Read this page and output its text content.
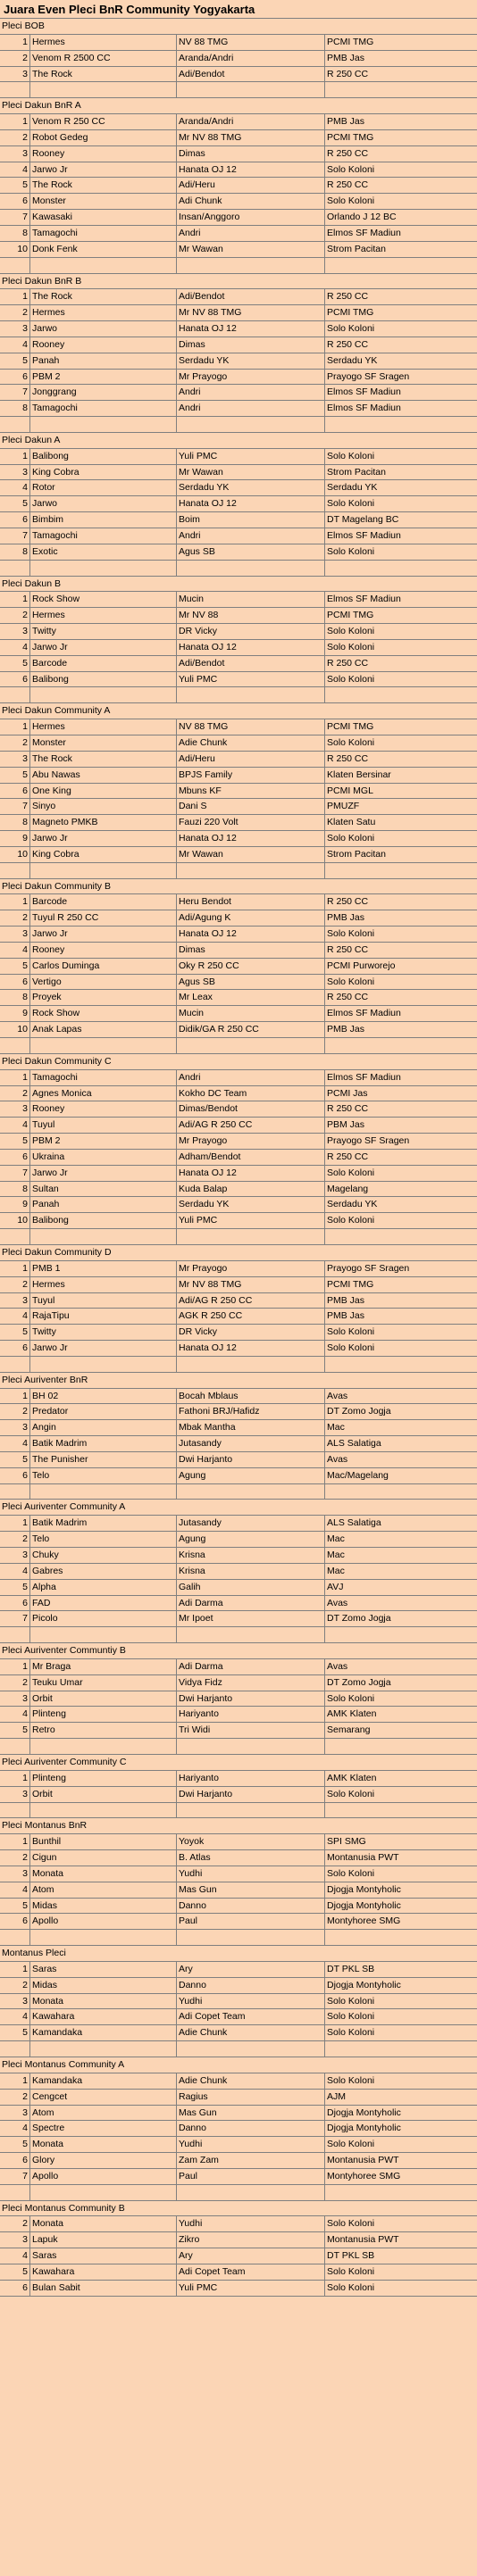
Juara Even Pleci BnR Community Yogyakarta
Pleci BOB
1 Hermes	NV 88 TMG	PCMI TMG
2 Venom R 2500 CC	Aranda/Andri	PMB Jas
3 The Rock	Adi/Bendot	R 250 CC
Pleci Dakun BnR A
1 Venom R 250 CC	Aranda/Andri	PMB Jas
2 Robot Gedeg	Mr NV 88 TMG	PCMI TMG
3 Rooney	Dimas	R 250 CC
4 Jarwo Jr	Hanata OJ 12	Solo Koloni
5 The Rock	Adi/Heru	R 250 CC
6 Monster	Adi Chunk	Solo Koloni
7 Kawasaki	Insan/Anggoro	Orlando J 12 BC
8 Tamagochi	Andri	Elmos SF Madiun
10 Donk Fenk	Mr Wawan	Strom Pacitan
Pleci Dakun BnR B
1 The Rock	Adi/Bendot	R 250 CC
2 Hermes	Mr NV 88 TMG	PCMI TMG
3 Jarwo	Hanata OJ 12	Solo Koloni
4 Rooney	Dimas	R 250 CC
5 Panah	Serdadu YK	Serdadu YK
6 PBM 2	Mr Prayogo	Prayogo SF Sragen
7 Jonggrang	Andri	Elmos SF Madiun
8 Tamagochi	Andri	Elmos SF Madiun
Pleci Dakun A
1 Balibong	Yuli PMC	Solo Koloni
3 King Cobra	Mr Wawan	Strom Pacitan
4 Rotor	Serdadu YK	Serdadu YK
5 Jarwo	Hanata OJ 12	Solo Koloni
6 Bimbim	Boim	DT Magelang BC
7 Tamagochi	Andri	Elmos SF Madiun
8 Exotic	Agus SB	Solo Koloni
Pleci Dakun B
1 Rock Show	Mucin	Elmos SF Madiun
2 Hermes	Mr NV 88	PCMI TMG
3 Twitty	DR Vicky	Solo Koloni
4 Jarwo Jr	Hanata OJ 12	Solo Koloni
5 Barcode	Adi/Bendot	R 250 CC
6 Balibong	Yuli PMC	Solo Koloni
Pleci Dakun Community A
1 Hermes	NV 88 TMG	PCMI TMG
2 Monster	Adie Chunk	Solo Koloni
3 The Rock	Adi/Heru	R 250 CC
5 Abu Nawas	BPJS Family	Klaten Bersinar
6 One King	Mbuns KF	PCMI MGL
7 Sinyo	Dani S	PMUZF
8 Magneto PMKB	Fauzi 220 Volt	Klaten Satu
9 Jarwo Jr	Hanata OJ 12	Solo Koloni
10 King Cobra	Mr Wawan	Strom Pacitan
Pleci Dakun Community B
1 Barcode	Heru Bendot	R 250 CC
2 Tuyul R 250 CC	Adi/Agung K	PMB Jas
3 Jarwo Jr	Hanata OJ 12	Solo Koloni
4 Rooney	Dimas	R 250 CC
5 Carlos Duminga	Oky R 250 CC	PCMI Purworejo
6 Vertigo	Agus SB	Solo Koloni
8 Proyek	Mr Leax	R 250 CC
9 Rock Show	Mucin	Elmos SF Madiun
10 Anak Lapas	Didik/GA R 250 CC	PMB Jas
Pleci Dakun Community C
1 Tamagochi	Andri	Elmos SF Madiun
2 Agnes Monica	Kokho DC Team	PCMI Jas
3 Rooney	Dimas/Bendot	R 250 CC
4 Tuyul	Adi/AG R 250 CC	PBM Jas
5 PBM 2	Mr Prayogo	Prayogo SF Sragen
6 Ukraina	Adham/Bendot	R 250 CC
7 Jarwo Jr	Hanata OJ 12	Solo Koloni
8 Sultan	Kuda Balap	Magelang
9 Panah	Serdadu YK	Serdadu YK
10 Balibong	Yuli PMC	Solo Koloni
Pleci Dakun Community D
1 PMB 1	Mr Prayogo	Prayogo SF Sragen
2 Hermes	Mr NV 88 TMG	PCMI TMG
3 Tuyul	Adi/AG R 250 CC	PMB Jas
4 RajaTipu	AGK R 250 CC	PMB Jas
5 Twitty	DR Vicky	Solo Koloni
6 Jarwo Jr	Hanata OJ 12	Solo Koloni
Pleci Auriventer BnR
1 BH 02	Bocah Mblaus	Avas
2 Predator	Fathoni BRJ/Hafidz	DT Zomo Jogja
3 Angin	Mbak Mantha	Mac
4 Batik Madrim	Jutasandy	ALS Salatiga
5 The Punisher	Dwi Harjanto	Avas
6 Telo	Agung	Mac/Magelang
Pleci Auriventer Community A
1 Batik Madrim	Jutasandy	ALS Salatiga
2 Telo	Agung	Mac
3 Chuky	Krisna	Mac
4 Gabres	Krisna	Mac
5 Alpha	Galih	AVJ
6 FAD	Adi Darma	Avas
7 Picolo	Mr Ipoet	DT Zomo Jogja
Pleci Auriventer Communtiy B
1 Mr Braga	Adi Darma	Avas
2 Teuku Umar	Vidya Fidz	DT Zomo Jogja
3 Orbit	Dwi Harjanto	Solo Koloni
4 Plinteng	Hariyanto	AMK Klaten
5 Retro	Tri Widi	Semarang
Pleci Auriventer Community C
1 Plinteng	Hariyanto	AMK Klaten
3 Orbit	Dwi Harjanto	Solo Koloni
Pleci Montanus BnR
1 Bunthil	Yoyok	SPI SMG
2 Cigun	B. Atlas	Montanusia PWT
3 Monata	Yudhi	Solo Koloni
4 Atom	Mas Gun	Djogja Montyholic
5 Midas	Danno	Djogja Montyholic
6 Apollo	Paul	Montyhoree SMG
Montanus Pleci
1 Saras	Ary	DT PKL SB
2 Midas	Danno	Djogja Montyholic
3 Monata	Yudhi	Solo Koloni
4 Kawahara	Adi Copet Team	Solo Koloni
5 Kamandaka	Adie Chunk	Solo Koloni
Pleci Montanus Community A
1 Kamandaka	Adie Chunk	Solo Koloni
2 Cengcet	Ragius	AJM
3 Atom	Mas Gun	Djogja Montyholic
4 Spectre	Danno	Djogja Montyholic
5 Monata	Yudhi	Solo Koloni
6 Glory	Zam Zam	Montanusia PWT
7 Apollo	Paul	Montyhoree SMG
Pleci Montanus Community B
2 Monata	Yudhi	Solo Koloni
3 Lapuk	Zikro	Montanusia PWT
4 Saras	Ary	DT PKL SB
5 Kawahara	Adi Copet Team	Solo Koloni
6 Bulan Sabit	Yuli PMC	Solo Koloni
